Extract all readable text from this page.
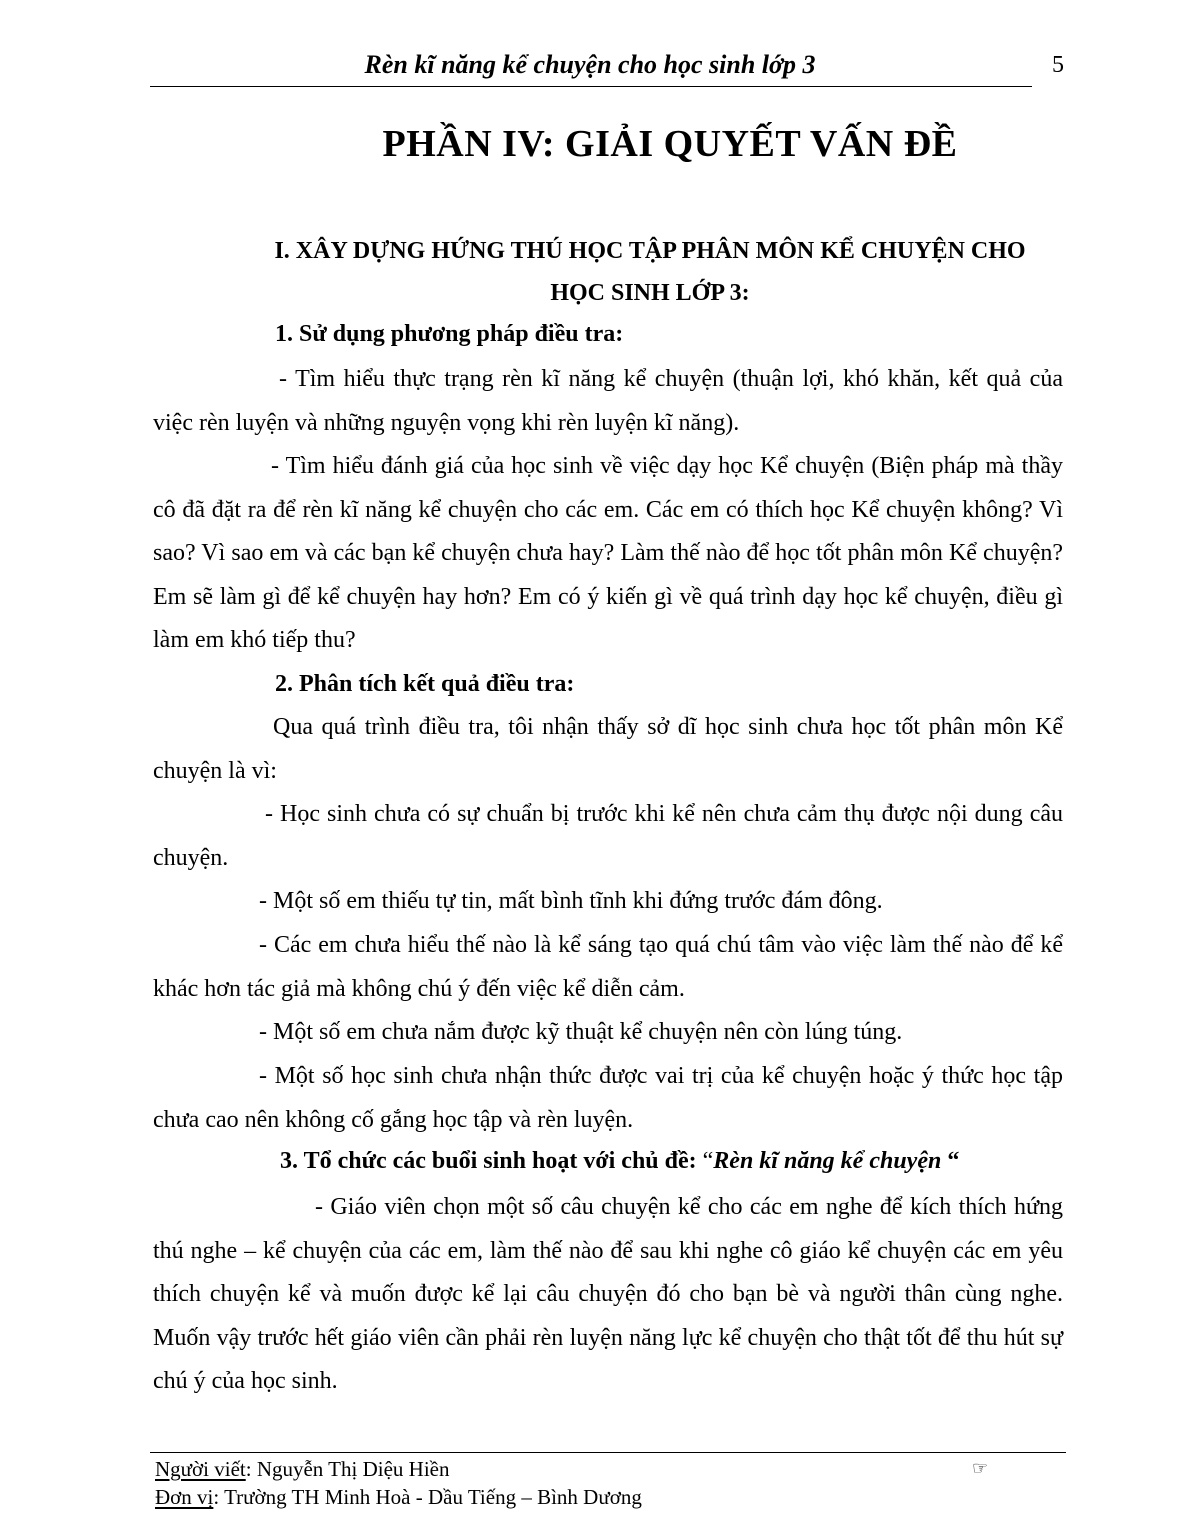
Rèn kĩ năng kể chuyện cho học sinh lớp 3	5
PHẦN IV: GIẢI QUYẾT VẤN ĐỀ
I. XÂY DỰNG HỨNG THÚ HỌC TẬP PHÂN MÔN KỂ CHUYỆN CHO
HỌC SINH LỚP 3:
1. Sử dụng phương pháp điều tra:
- Tìm hiểu thực trạng rèn kĩ năng kể chuyện (thuận lợi, khó khăn, kết quả của việc rèn luyện và những nguyện vọng khi rèn luyện kĩ năng).
- Tìm hiểu đánh giá của học sinh về việc dạy học Kể chuyện (Biện pháp mà thầy cô đã đặt ra để rèn kĩ năng kể chuyện cho các em. Các em có thích học Kể chuyện không? Vì sao? Vì sao em và các bạn kể chuyện chưa hay? Làm thế nào để học tốt phân môn Kể chuyện? Em sẽ làm gì để kể chuyện hay hơn? Em có ý kiến gì về quá trình dạy học kể chuyện, điều gì làm em khó tiếp thu?
2. Phân tích kết quả điều tra:
Qua quá trình điều tra, tôi nhận thấy sở dĩ học sinh chưa học tốt phân môn Kể chuyện là vì:
- Học sinh chưa có sự chuẩn bị trước khi kể nên chưa cảm thụ được nội dung câu chuyện.
- Một số em thiếu tự tin, mất bình tĩnh khi đứng trước đám đông.
- Các em chưa hiểu thế nào là kể sáng tạo quá chú tâm vào việc làm thế nào để kể khác hơn tác giả mà không chú ý đến việc kể diễn cảm.
- Một số em chưa nắm được kỹ thuật kể chuyện nên còn lúng túng.
- Một số học sinh chưa nhận thức được vai trị của kể chuyện hoặc ý thức học tập chưa cao nên không cố gắng học tập và rèn luyện.
3. Tổ chức các buổi sinh hoạt với chủ đề: “Rèn kĩ năng kể chuyện “
- Giáo viên chọn một số câu chuyện kể cho các em nghe để kích thích hứng thú nghe – kể chuyện của các em, làm thế nào để sau khi nghe cô giáo kể chuyện các em yêu thích chuyện kể và muốn được kể lại câu chuyện đó cho bạn bè và người thân cùng nghe. Muốn vậy trước hết giáo viên cần phải rèn luyện năng lực kể chuyện cho thật tốt để thu hút sự chú ý của học sinh.
Người viết: Nguyễn Thị Diệu Hiền	☞
Đơn vị: Trường TH Minh Hoà - Dầu Tiếng – Bình Dương
